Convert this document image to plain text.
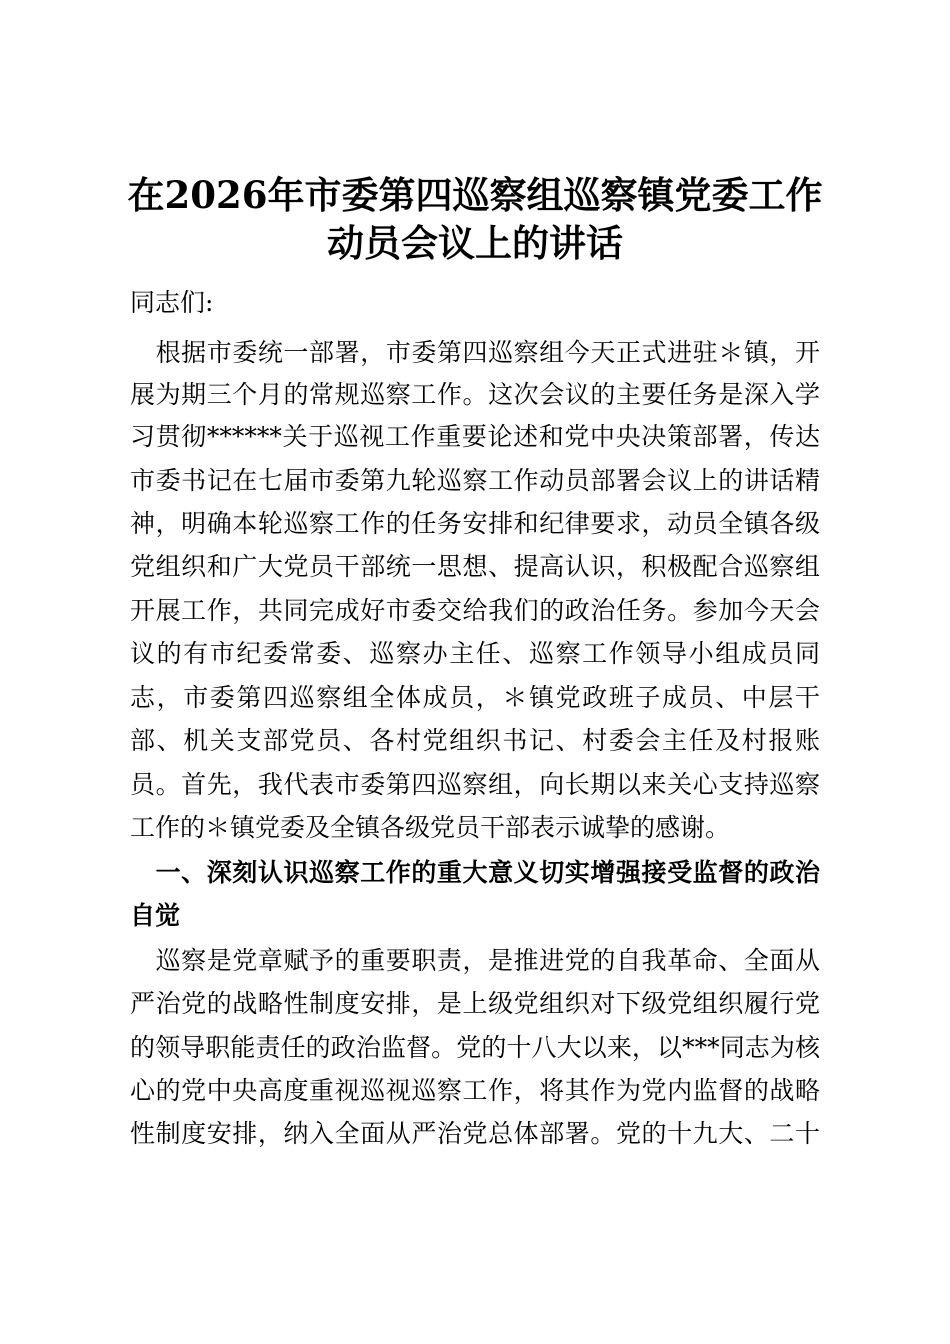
在2026年市委第四巡察组巡察镇党委工作
动员会议上的讲话
同志们:
　根据市委统一部署，市委第四巡察组今天正式进驻＊镇，开
展为期三个月的常规巡察工作。这次会议的主要任务是深入学
习贯彻******关于巡视工作重要论述和党中央决策部署，传达
市委书记在七届市委第九轮巡察工作动员部署会议上的讲话精
神，明确本轮巡察工作的任务安排和纪律要求，动员全镇各级
党组织和广大党员干部统一思想、提高认识，积极配合巡察组
开展工作，共同完成好市委交给我们的政治任务。参加今天会
议的有市纪委常委、巡察办主任、巡察工作领导小组成员同
志，市委第四巡察组全体成员，＊镇党政班子成员、中层干
部、机关支部党员、各村党组织书记、村委会主任及村报账
员。首先，我代表市委第四巡察组，向长期以来关心支持巡察
工作的＊镇党委及全镇各级党员干部表示诚挚的感谢。
　一、深刻认识巡察工作的重大意义切实增强接受监督的政治
自觉
　巡察是党章赋予的重要职责，是推进党的自我革命、全面从
严治党的战略性制度安排，是上级党组织对下级党组织履行党
的领导职能责任的政治监督。党的十八大以来，以***同志为核
心的党中央高度重视巡视巡察工作，将其作为党内监督的战略
性制度安排，纳入全面从严治党总体部署。党的十九大、二十
